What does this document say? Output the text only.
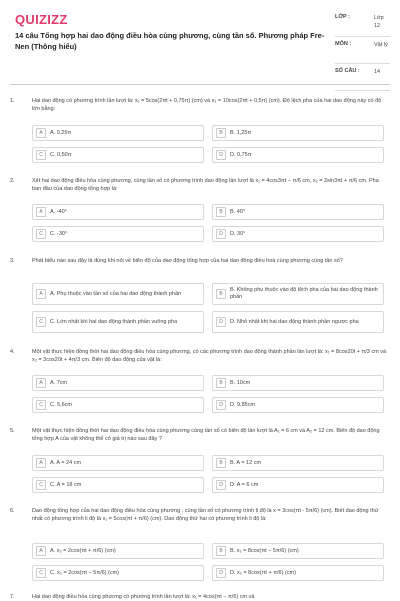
QUIZIZZ
14 câu Tổng hợp hai dao động điều hòa cùng phương, cùng tần số. Phương pháp Fre-Nen (Thông hiểu)
LỚP :	Lớp 12
MÔN :	Vật lý
SỐ CÂU :	14
1.	Hai dao động có phương trình lần lượt là: x₁ = 5cos(2πt + 0,75π) (cm) và x₂ = 10cos(2πt + 0,5π) (cm). Độ lệch pha của hai dao động này có độ lớn bằng:
A	A. 0,25π	B	B. 1,25π
C	C. 0,50π	D	D. 0,75π
2.	Xét hai dao động điều hòa cùng phương, cùng tần số có phương trình dao động lần lượt là x₁ = 4cos3πt − π/6 cm, x₂ = 2sin3πt + π/6 cm. Pha ban đầu của dao động tổng hợp là:
A	A. -40°	B	B. 40°
C	C. -30°	D	D. 30°
3.	Phát biểu nào sau đây là đúng khi nói về biên độ của dao động tổng hợp của hai dao động điều hoà cùng phương cùng tần số?
A	A. Phụ thuộc vào tần số của hai dao động thành phần	B
B. Không phụ thuộc vào độ lệch pha của hai dao động thành phần
C	C. Lớn nhất khi hai dao động thành phần vuông pha	D	D. Nhỏ nhất khi hai dao động thành phần ngược pha
4.	Một vật thực hiện đồng thời hai dao động điều hòa cùng phương, có các phương trình dao động thành phần lần lượt là: x₁ = 8cos20t + π/3 cm và x₂ = 3cos20t + 4π/3 cm. Biên độ dao động của vật là:
A	A. 7cm	B	B. 10cm
C	C. 5,6cm	D	D. 9,85cm
5.	Một vật thực hiện đồng thời hai dao động điều hòa cùng phương cùng tần số có biên độ lần lượt là A₁ = 6 cm và A₂ = 12 cm. Biên độ dao động tổng hợp A của vật không thể có giá trị nào sau đây ?
A	A. A = 24 cm	B	B. A = 12 cm
C	C. A = 18 cm	D	D. A = 6 cm
6.	Dao động tổng hợp của hai dao động điều hòa cùng phương , cùng tần số có phương trình li độ là x = 3cos(πt - 5π/6) (cm). Biết dao động thứ nhất có phương trình li độ là x₁ = 5cos(πt + π/6) (cm). Dao động thứ hai có phương trình li độ là:
A	A. x₂ = 2cos(πt + π/6) (cm)	B	B. x₂ = 8cos(πt − 5π/6) (cm)
C	C. x₂ = 2cos(πt − 5π/6) (cm)	D	D. x₂ = 8cos(πt + π/6) (cm)
7.	Hai dao động điều hòa cùng phương có phương trình lần lượt là: x₁ = 4cos(πt − π/6) cm và
